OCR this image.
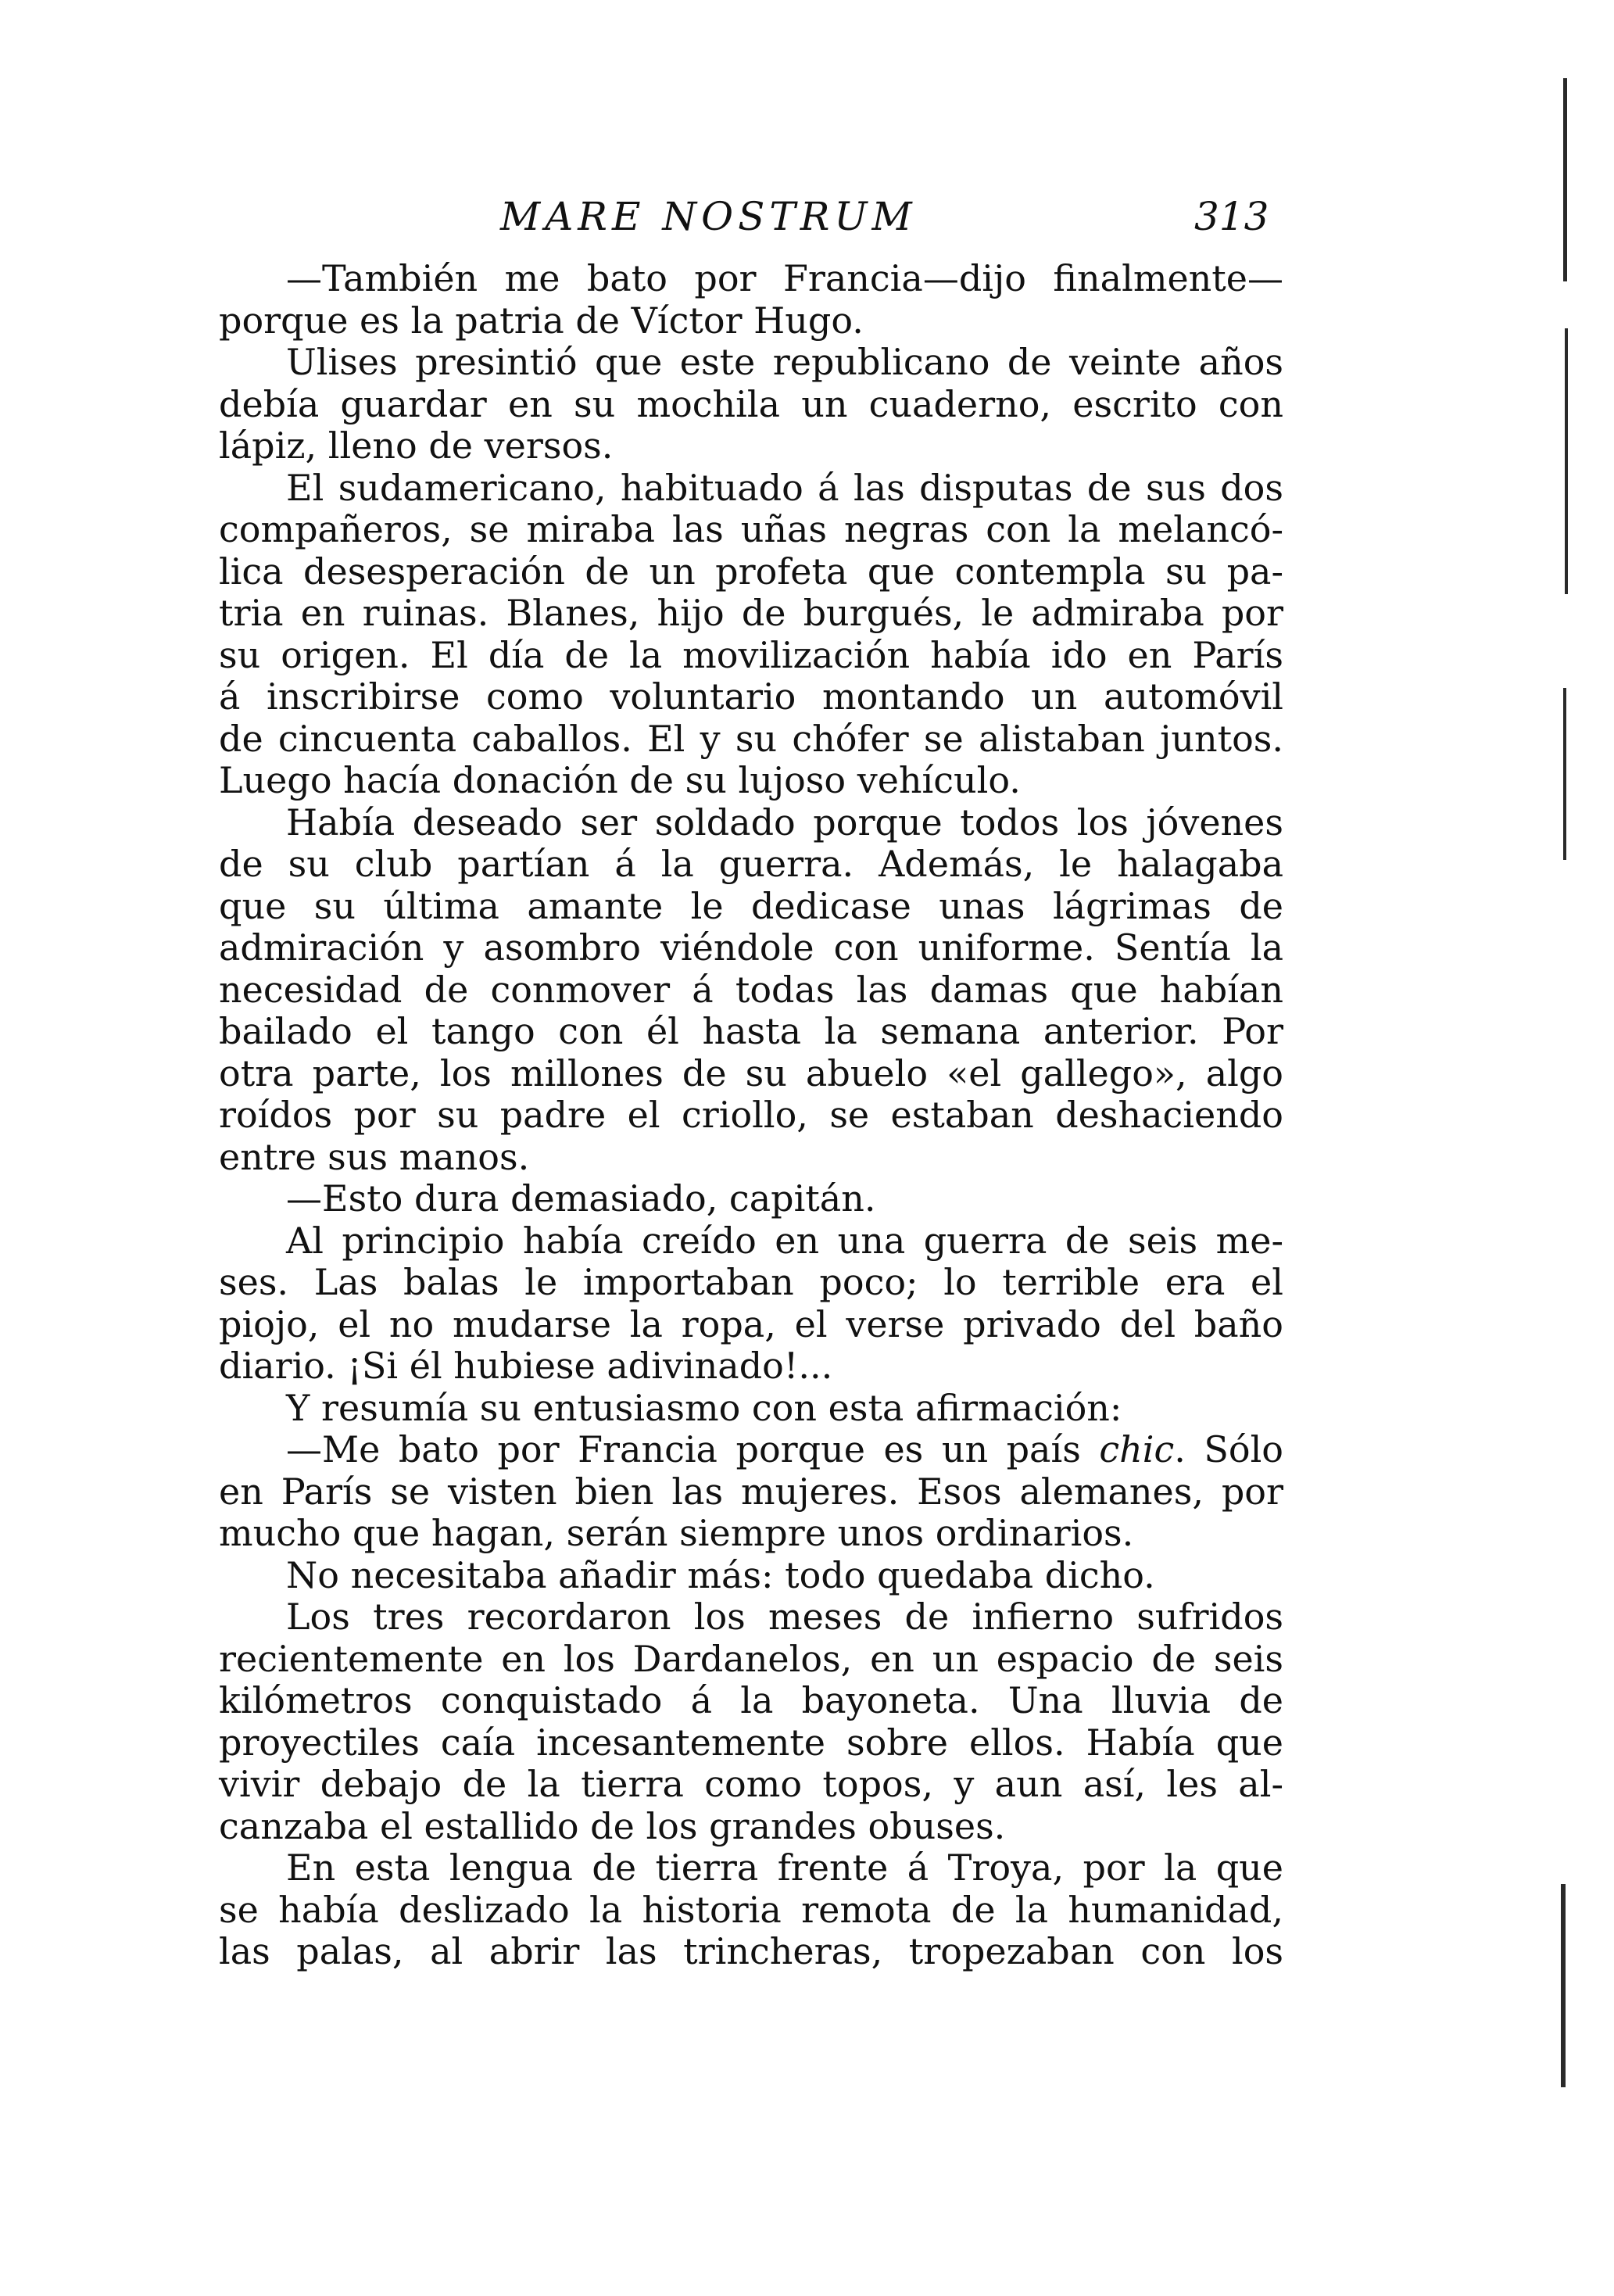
MARE NOSTRUM	313
—También me bato por Francia—dijo finalmente—
porque es la patria de Víctor Hugo.
Ulises presintió que este republicano de veinte años
debía guardar en su mochila un cuaderno, escrito con
lápiz, lleno de versos.
El sudamericano, habituado á las disputas de sus dos
compañeros, se miraba las uñas negras con la melancó-
lica desesperación de un profeta que contempla su pa-
tria en ruinas. Blanes, hijo de burgués, le admiraba por
su origen. El día de la movilización había ido en París
á inscribirse como voluntario montando un automóvil
de cincuenta caballos. El y su chófer se alistaban juntos.
Luego hacía donación de su lujoso vehículo.
Había deseado ser soldado porque todos los jóvenes
de su club partían á la guerra. Además, le halagaba
que su última amante le dedicase unas lágrimas de
admiración y asombro viéndole con uniforme. Sentía la
necesidad de conmover á todas las damas que habían
bailado el tango con él hasta la semana anterior. Por
otra parte, los millones de su abuelo «el gallego», algo
roídos por su padre el criollo, se estaban deshaciendo
entre sus manos.
—Esto dura demasiado, capitán.
Al principio había creído en una guerra de seis me-
ses. Las balas le importaban poco; lo terrible era el
piojo, el no mudarse la ropa, el verse privado del baño
diario. ¡Si él hubiese adivinado!...
Y resumía su entusiasmo con esta afirmación:
—Me bato por Francia porque es un país chic. Sólo
en París se visten bien las mujeres. Esos alemanes, por
mucho que hagan, serán siempre unos ordinarios.
No necesitaba añadir más: todo quedaba dicho.
Los tres recordaron los meses de infierno sufridos
recientemente en los Dardanelos, en un espacio de seis
kilómetros conquistado á la bayoneta. Una lluvia de
proyectiles caía incesantemente sobre ellos. Había que
vivir debajo de la tierra como topos, y aun así, les al-
canzaba el estallido de los grandes obuses.
En esta lengua de tierra frente á Troya, por la que
se había deslizado la historia remota de la humanidad,
las palas, al abrir las trincheras, tropezaban con los
